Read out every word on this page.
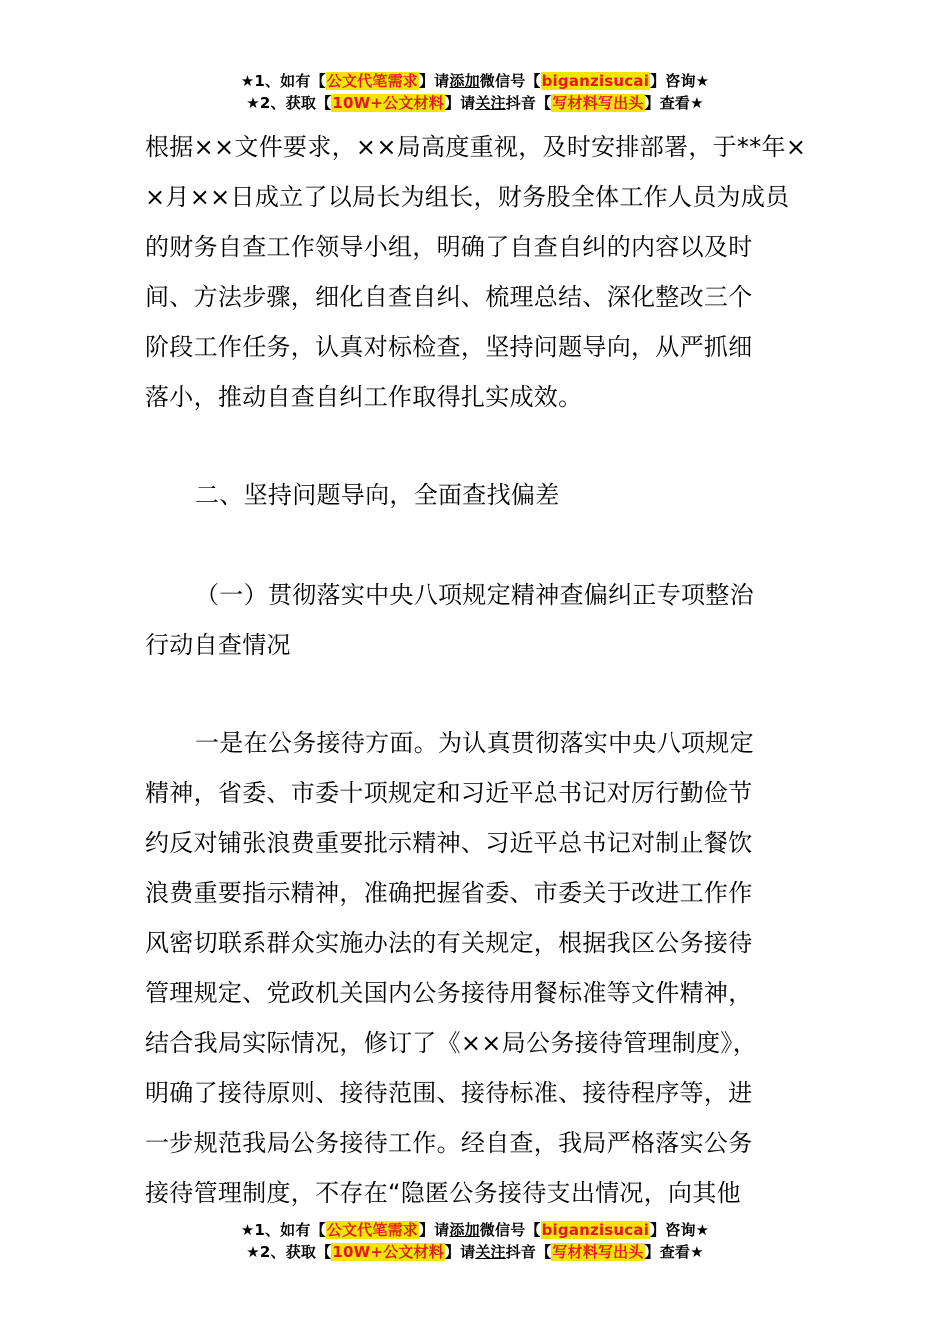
★1、如有【公文代笔需求】请添加微信号【biganzisucai】咨询★
★2、获取【10W+公文材料】请关注抖音【写材料写出头】查看★
根据××文件要求，××局高度重视，及时安排部署，于**年×
×月××日成立了以局长为组长，财务股全体工作人员为成员
的财务自查工作领导小组，明确了自查自纠的内容以及时
间、方法步骤，细化自查自纠、梳理总结、深化整改三个
阶段工作任务，认真对标检查，坚持问题导向，从严抓细
落小，推动自查自纠工作取得扎实成效。
二、坚持问题导向，全面查找偏差
（一）贯彻落实中央八项规定精神查偏纠正专项整治
行动自查情况
一是在公务接待方面。为认真贯彻落实中央八项规定
精神，省委、市委十项规定和习近平总书记对厉行勤俭节
约反对铺张浪费重要批示精神、习近平总书记对制止餐饮
浪费重要指示精神，准确把握省委、市委关于改进工作作
风密切联系群众实施办法的有关规定，根据我区公务接待
管理规定、党政机关国内公务接待用餐标准等文件精神，
结合我局实际情况，修订了《××局公务接待管理制度》，
明确了接待原则、接待范围、接待标准、接待程序等，进
一步规范我局公务接待工作。经自查，我局严格落实公务
接待管理制度，不存在“隐匿公务接待支出情况，向其他
★1、如有【公文代笔需求】请添加微信号【biganzisucai】咨询★
★2、获取【10W+公文材料】请关注抖音【写材料写出头】查看★
